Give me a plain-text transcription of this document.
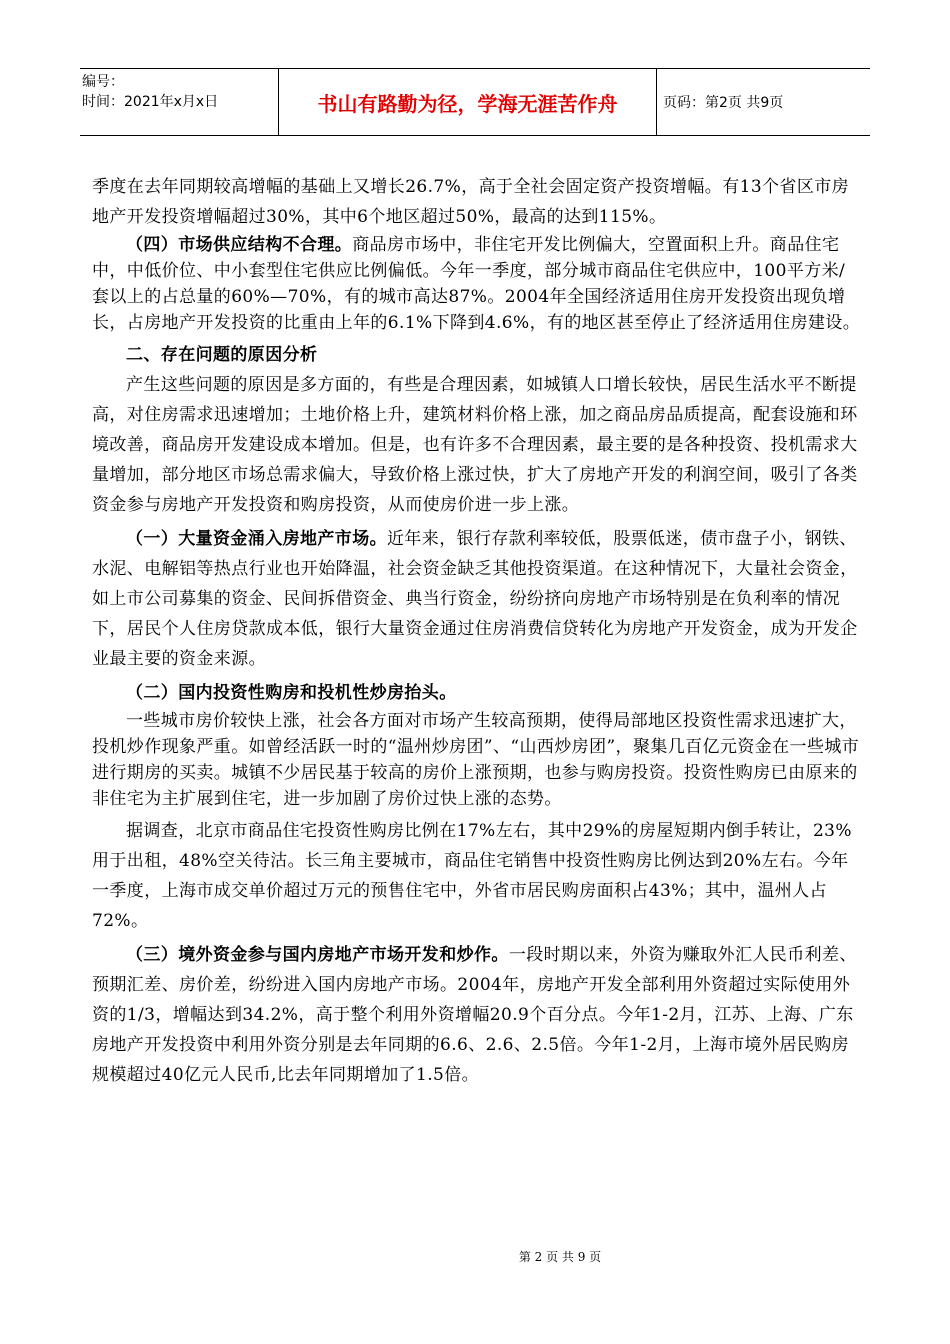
编号：
时间：2021年x月x日	书山有路勤为径，学海无涯苦作舟	页码：第2页 共9页

季度在去年同期较高增幅的基础上又增长26.7%，高于全社会固定资产投资增幅。有13个省区市房地产开发投资增幅超过30%，其中6个地区超过50%，最高的达到115%。

（四）市场供应结构不合理。商品房市场中，非住宅开发比例偏大，空置面积上升。商品住宅中，中低价位、中小套型住宅供应比例偏低。今年一季度，部分城市商品住宅供应中，100平方米/套以上的占总量的60%—70%，有的城市高达87%。2004年全国经济适用住房开发投资出现负增长，占房地产开发投资的比重由上年的6.1%下降到4.6%，有的地区甚至停止了经济适用住房建设。

二、存在问题的原因分析

产生这些问题的原因是多方面的，有些是合理因素，如城镇人口增长较快，居民生活水平不断提高，对住房需求迅速增加；土地价格上升，建筑材料价格上涨，加之商品房品质提高，配套设施和环境改善，商品房开发建设成本增加。但是，也有许多不合理因素，最主要的是各种投资、投机需求大量增加，部分地区市场总需求偏大，导致价格上涨过快，扩大了房地产开发的利润空间，吸引了各类资金参与房地产开发投资和购房投资，从而使房价进一步上涨。

（一）大量资金涌入房地产市场。近年来，银行存款利率较低，股票低迷，债市盘子小，钢铁、水泥、电解铝等热点行业也开始降温，社会资金缺乏其他投资渠道。在这种情况下，大量社会资金，如上市公司募集的资金、民间拆借资金、典当行资金，纷纷挤向房地产市场特别是在负利率的情况下，居民个人住房贷款成本低，银行大量资金通过住房消费信贷转化为房地产开发资金，成为开发企业最主要的资金来源。

（二）国内投资性购房和投机性炒房抬头。

一些城市房价较快上涨，社会各方面对市场产生较高预期，使得局部地区投资性需求迅速扩大，投机炒作现象严重。如曾经活跃一时的“温州炒房团”、“山西炒房团”，聚集几百亿元资金在一些城市进行期房的买卖。城镇不少居民基于较高的房价上涨预期，也参与购房投资。投资性购房已由原来的非住宅为主扩展到住宅，进一步加剧了房价过快上涨的态势。

据调查，北京市商品住宅投资性购房比例在17%左右，其中29%的房屋短期内倒手转让，23%用于出租，48%空关待沽。长三角主要城市，商品住宅销售中投资性购房比例达到20%左右。今年一季度，上海市成交单价超过万元的预售住宅中，外省市居民购房面积占43%；其中，温州人占72%。

（三）境外资金参与国内房地产市场开发和炒作。一段时期以来，外资为赚取外汇人民币利差、预期汇差、房价差，纷纷进入国内房地产市场。2004年，房地产开发全部利用外资超过实际使用外资的1/3，增幅达到34.2%，高于整个利用外资增幅20.9个百分点。今年1-2月，江苏、上海、广东房地产开发投资中利用外资分别是去年同期的6.6、2.6、2.5倍。今年1-2月，上海市境外居民购房规模超过40亿元人民币,比去年同期增加了1.5倍。

第 2 页 共 9 页
